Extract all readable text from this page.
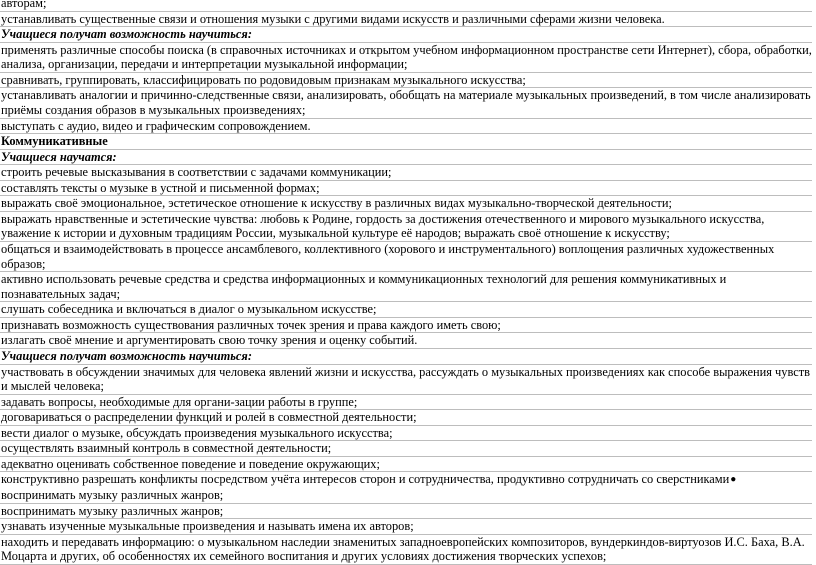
авторам;

устанавливать существенные связи и отношения музыки с другими видами искусств и различными сферами жизни человека.

Учащиеся получат возможность научиться:

применять различные способы поиска (в справочных источниках и открытом учебном информационном пространстве сети Интернет), сбора, обработки, анализа, организации, передачи и интерпретации музыкальной информации;

сравнивать, группировать, классифицировать по родовидовым признакам музыкального искусства;

устанавливать аналогии и причинно-следственные связи, анализировать, обобщать на материале музыкальных произведений, в том числе анализировать приёмы создания образов в музыкальных произведениях;

выступать с аудио, видео и графическим сопровождением.

Коммуникативные

Учащиеся научатся:

строить речевые высказывания в соответствии с задачами коммуникации;

составлять тексты о музыке в устной и письменной формах;

выражать своё эмоциональное, эстетическое отношение к искусству в различных видах музыкально-творческой деятельности;

выражать нравственные и эстетические чувства: любовь к Родине, гордость за достижения отечественного и мирового музыкального искусства, уважение к истории и духовным традициям России, музыкальной культуре её народов; выражать своё отношение к искусству;

общаться и взаимодействовать в процессе ансамблевого, коллективного (хорового и инструментального) воплощения различных художественных образов;

активно использовать речевые средства и средства информационных и коммуникационных технологий для решения коммуникативных и познавательных задач;

слушать собеседника и включаться в диалог о музыкальном искусстве;

признавать возможность существования различных точек зрения и права каждого иметь свою;

излагать своё мнение и аргументировать свою точку зрения и оценку событий.

Учащиеся получат возможность научиться:

участвовать в обсуждении значимых для человека явлений жизни и искусства, рассуждать о музыкальных произведениях как способе выражения чувств и мыслей человека;

задавать вопросы, необходимые для органи-зации работы в группе;

договариваться о распределении функций и ролей в совместной деятельности;

вести диалог о музыке, обсуждать произведения музыкального искусства;

осуществлять взаимный контроль в совместной деятельности;

адекватно оценивать собственное поведение и поведение окружающих;

конструктивно разрешать конфликты посредством учёта интересов сторон и сотрудничества, продуктивно сотрудничать со сверстниками● воспринимать музыку различных жанров;

воспринимать музыку различных жанров;

узнавать изученные музыкальные произведения и называть имена их авторов;

находить и передавать информацию: о музыкальном наследии знаменитых западноевропейских композиторов, вундеркиндов-виртуозов И.С. Баха, В.А. Моцарта и других, об особенностях их семейного воспитания и других условиях достижения творческих успехов;
